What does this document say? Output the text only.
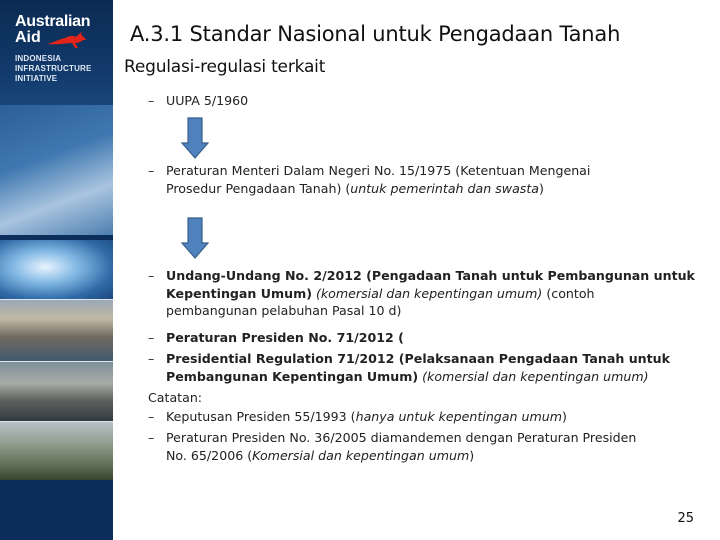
Australian
Aid
INDONESIA
INFRASTRUCTURE
INITIATIVE
A.3.1 Standar Nasional untuk Pengadaan Tanah
Regulasi-regulasi terkait
– UUPA 5/1960
– Peraturan Menteri Dalam Negeri No. 15/1975 (Ketentuan Mengenai
Prosedur Pengadaan Tanah) (untuk pemerintah dan swasta)
– Undang-Undang No. 2/2012 (Pengadaan Tanah untuk Pembangunan untuk
Kepentingan Umum) (komersial dan kepentingan umum) (contoh
pembangunan pelabuhan Pasal 10 d)
– Peraturan Presiden No. 71/2012 (
– Presidential Regulation 71/2012 (Pelaksanaan Pengadaan Tanah untuk
Pembangunan Kepentingan Umum) (komersial dan kepentingan umum)
Catatan:
– Keputusan Presiden 55/1993 (hanya untuk kepentingan umum)
– Peraturan Presiden No. 36/2005 diamandemen dengan Peraturan Presiden
No. 65/2006 (Komersial dan kepentingan umum)
25
